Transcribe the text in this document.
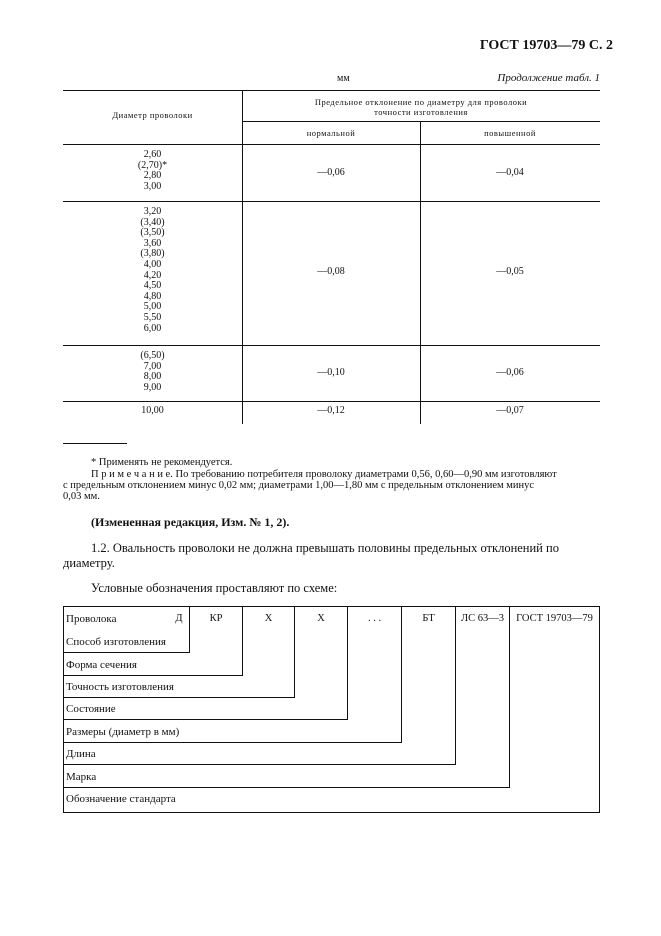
ГОСТ 19703—79 С. 2
мм	Продолжение табл. 1
Диаметр проволоки
Предельное отклонение по диаметру для проволоки
точности изготовления
нормальной	повышенной
2,60
(2,70)*
2,80
3,00
—0,06	—0,04
3,20
(3,40)
(3,50)
3,60
(3,80)
4,00
4,20
4,50
4,80
5,00
5,50
6,00
—0,08	—0,05
(6,50)
7,00
8,00
9,00
—0,10	—0,06
10,00	—0,12	—0,07
* Применять не рекомендуется.
П р и м е ч а н и е. По требованию потребителя проволоку диаметрами 0,56, 0,60—0,90 мм изготовляют
с предельным отклонением минус 0,02 мм; диаметрами 1,00—1,80 мм с предельным отклонением минус
0,03 мм.
(Измененная редакция, Изм. № 1, 2).
1.2. Овальность проволоки не должна превышать половины предельных отклонений по
диаметру.
Условные обозначения проставляют по схеме:
Проволока	Д	КР	Х	Х	. . .	БТ	ЛС 63—3	ГОСТ 19703—79
Способ изготовления
Форма сечения
Точность изготовления
Состояние
Размеры (диаметр в мм)
Длина
Марка
Обозначение стандарта
